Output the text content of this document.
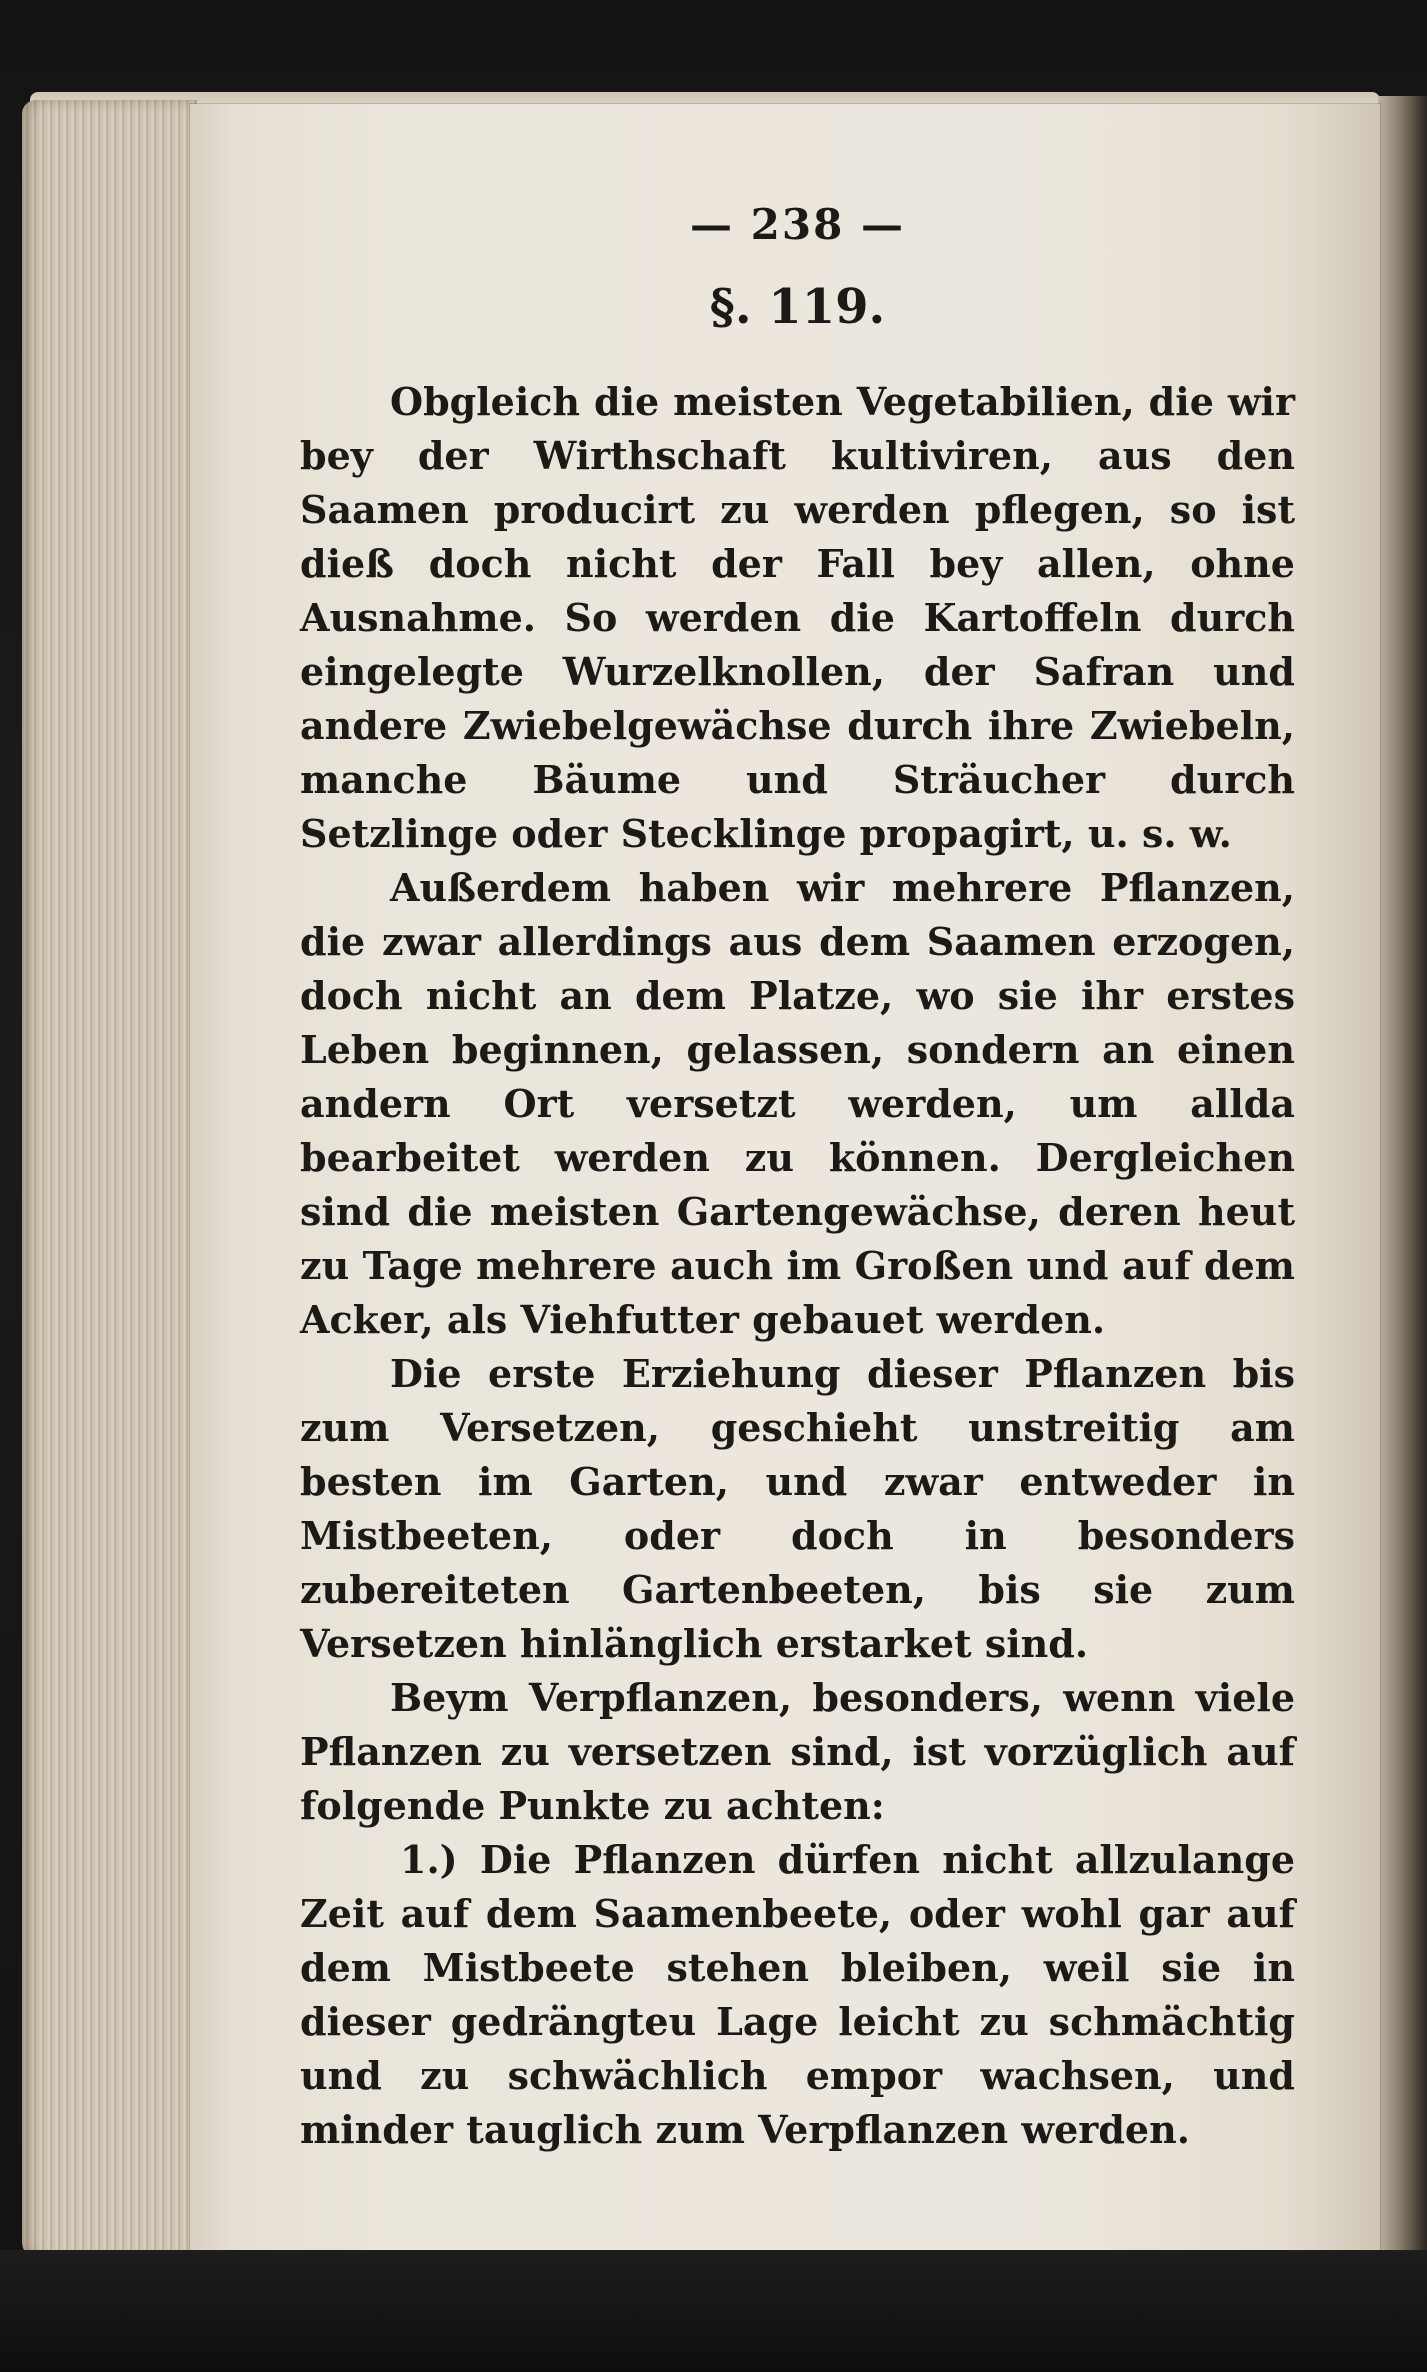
— 238 —
§. 119.

Obgleich die meisten Vegetabilien, die wir bey der Wirthschaft kultiviren, aus den Saamen producirt zu werden pflegen, so ist dieß doch nicht der Fall bey allen, ohne Ausnahme. So werden die Kartoffeln durch eingelegte Wurzelknollen, der Safran und andere Zwiebelgewächse durch ihre Zwiebeln, manche Bäume und Sträucher durch Setzlinge oder Stecklinge propagirt, u. s. w.

Außerdem haben wir mehrere Pflanzen, die zwar allerdings aus dem Saamen erzogen, doch nicht an dem Platze, wo sie ihr erstes Leben beginnen, gelassen, sondern an einen andern Ort versetzt werden, um allda bearbeitet werden zu können. Dergleichen sind die meisten Gartengewächse, deren heut zu Tage mehrere auch im Großen und auf dem Acker, als Viehfutter gebauet werden.

Die erste Erziehung dieser Pflanzen bis zum Versetzen, geschieht unstreitig am besten im Garten, und zwar entweder in Mistbeeten, oder doch in besonders zubereiteten Gartenbeeten, bis sie zum Versetzen hinlänglich erstarket sind.

Beym Verpflanzen, besonders, wenn viele Pflanzen zu versetzen sind, ist vorzüglich auf folgende Punkte zu achten:

1.) Die Pflanzen dürfen nicht allzulange Zeit auf dem Saamenbeete, oder wohl gar auf dem Mistbeete stehen bleiben, weil sie in dieser gedrängteu Lage leicht zu schmächtig und zu schwächlich empor wachsen, und minder tauglich zum Verpflanzen werden.
